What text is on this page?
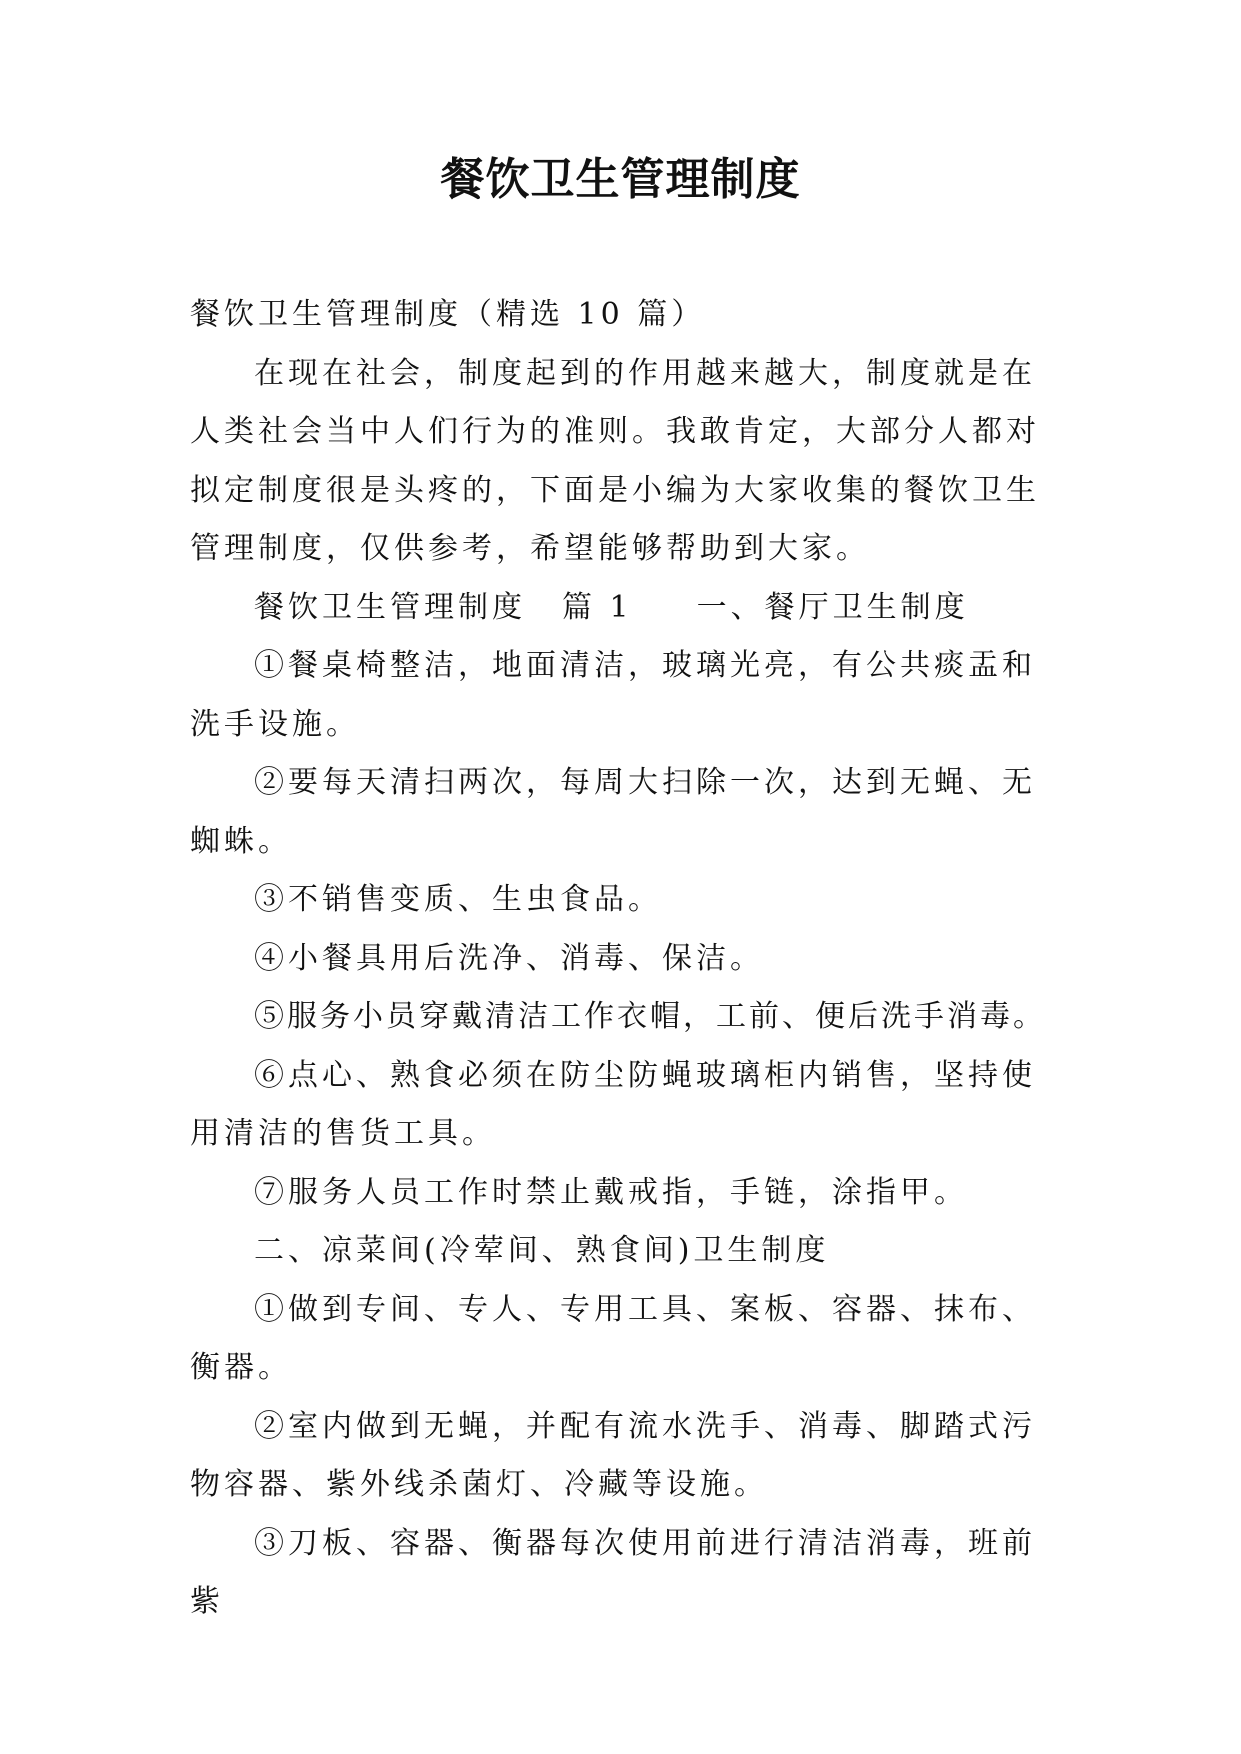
餐饮卫生管理制度

餐饮卫生管理制度（精选 10 篇）

在现在社会，制度起到的作用越来越大，制度就是在人类社会当中人们行为的准则。我敢肯定，大部分人都对拟定制度很是头疼的，下面是小编为大家收集的餐饮卫生管理制度，仅供参考，希望能够帮助到大家。

餐饮卫生管理制度 篇 1 一、餐厅卫生制度

①餐桌椅整洁，地面清洁，玻璃光亮，有公共痰盂和洗手设施。

②要每天清扫两次，每周大扫除一次，达到无蝇、无蜘蛛。

③不销售变质、生虫食品。

④小餐具用后洗净、消毒、保洁。

⑤服务小员穿戴清洁工作衣帽，工前、便后洗手消毒。

⑥点心、熟食必须在防尘防蝇玻璃柜内销售，坚持使用清洁的售货工具。

⑦服务人员工作时禁止戴戒指，手链，涂指甲。

二、凉菜间(冷荤间、熟食间)卫生制度

①做到专间、专人、专用工具、案板、容器、抹布、衡器。

②室内做到无蝇，并配有流水洗手、消毒、脚踏式污物容器、紫外线杀菌灯、冷藏等设施。

③刀板、容器、衡器每次使用前进行清洁消毒，班前紫
